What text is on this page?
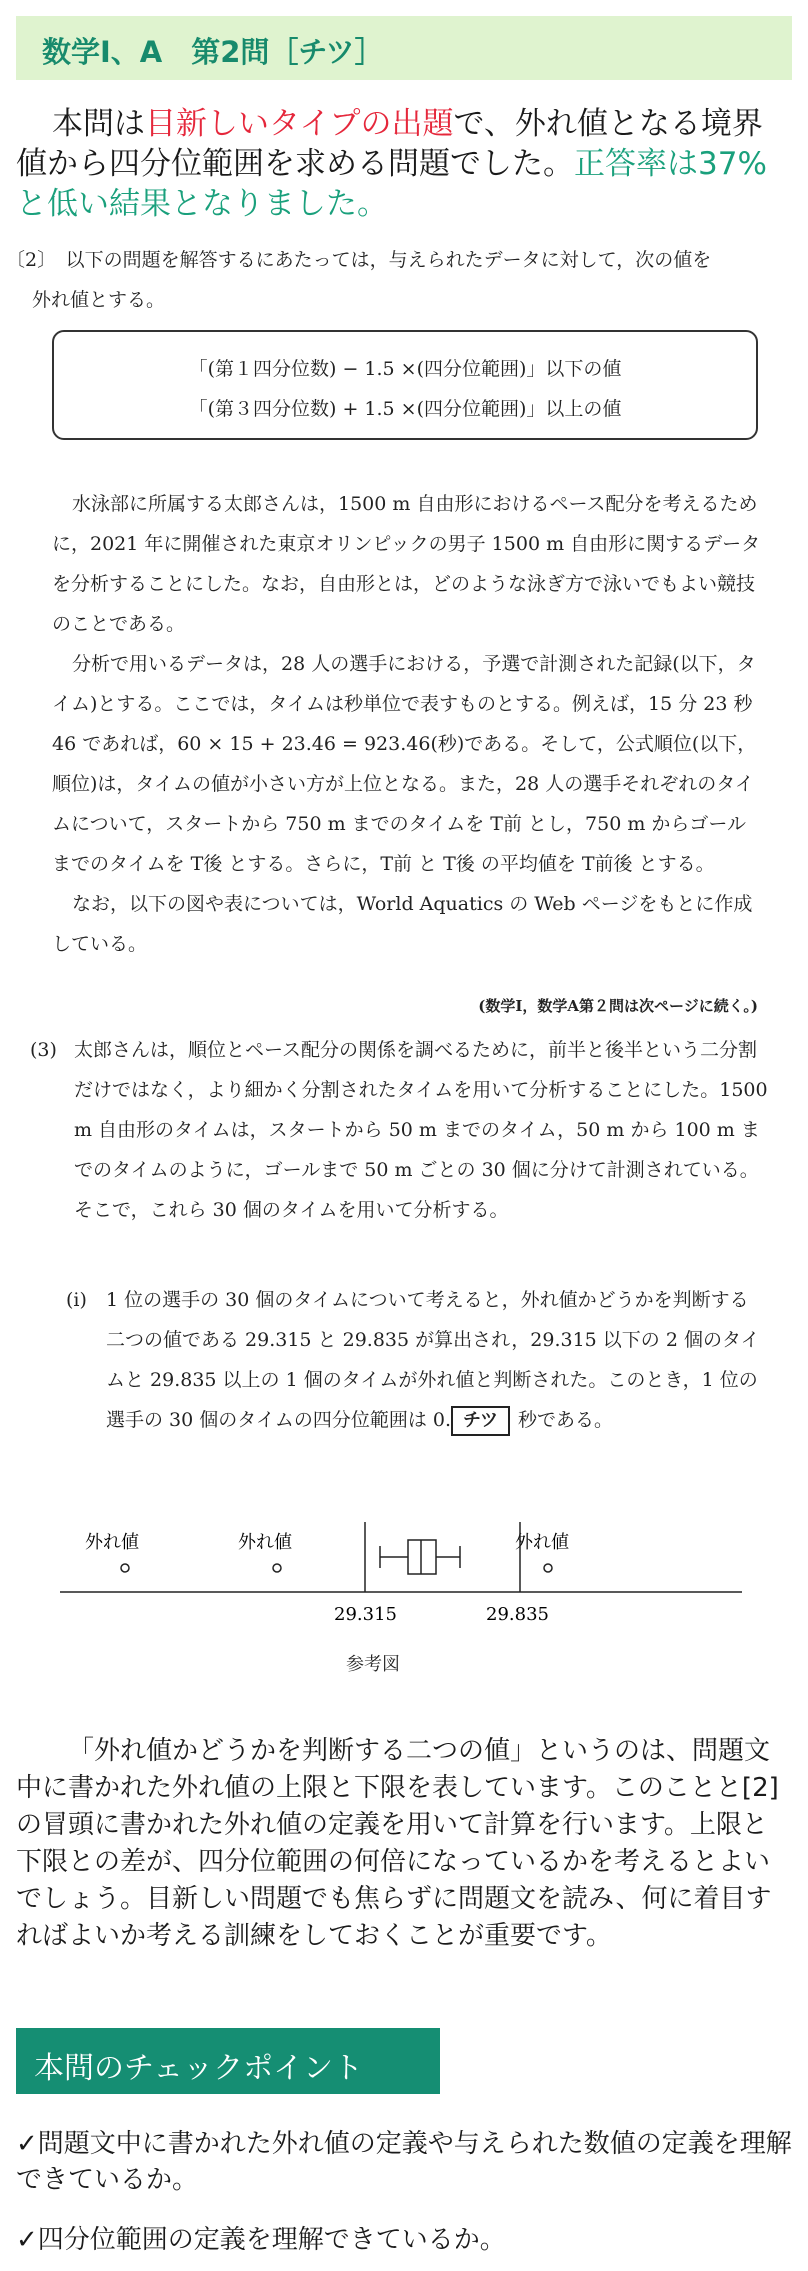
数学Ⅰ、A　第2問［チツ］

本問は目新しいタイプの出題で、外れ値となる境界値から四分位範囲を求める問題でした。正答率は37%と低い結果となりました。

〔2〕　以下の問題を解答するにあたっては，与えられたデータに対して，次の値を
外れ値とする。

「(第１四分位数) − 1.5 ×(四分位範囲)」以下の値
「(第３四分位数) + 1.5 ×(四分位範囲)」以上の値

水泳部に所属する太郎さんは，1500 m 自由形におけるペース配分を考えるために，2021 年に開催された東京オリンピックの男子 1500 m 自由形に関するデータを分析することにした。なお，自由形とは，どのような泳ぎ方で泳いでもよい競技のことである。

分析で用いるデータは，28 人の選手における，予選で計測された記録(以下，タイム)とする。ここでは，タイムは秒単位で表すものとする。例えば，15 分 23 秒 46 であれば，60 × 15 + 23.46 = 923.46(秒)である。そして，公式順位(以下，順位)は，タイムの値が小さい方が上位となる。また，28 人の選手それぞれのタイムについて，スタートから 750 m までのタイムを T前 とし，750 m からゴールまでのタイムを T後 とする。さらに，T前 と T後 の平均値を T前後 とする。

なお，以下の図や表については，World Aquatics の Web ページをもとに作成している。

(数学Ⅰ，数学A第２問は次ページに続く。)

(3) 太郎さんは，順位とペース配分の関係を調べるために，前半と後半という二分割だけではなく，より細かく分割されたタイムを用いて分析することにした。1500 m 自由形のタイムは，スタートから 50 m までのタイム，50 m から 100 m までのタイムのように，ゴールまで 50 m ごとの 30 個に分けて計測されている。そこで，これら 30 個のタイムを用いて分析する。

(i)	1 位の選手の 30 個のタイムについて考えると，外れ値かどうかを判断する二つの値である 29.315 と 29.835 が算出され，29.315 以下の 2 個のタイムと 29.835 以上の 1 個のタイムが外れ値と判断された。このとき，1 位の選手の 30 個のタイムの四分位範囲は 0. チツ 秒である。

外れ値	外れ値	外れ値
29.315	29.835
参考図

「外れ値かどうかを判断する二つの値」というのは、問題文中に書かれた外れ値の上限と下限を表しています。このことと[2]の冒頭に書かれた外れ値の定義を用いて計算を行います。上限と下限との差が、四分位範囲の何倍になっているかを考えるとよいでしょう。目新しい問題でも焦らずに問題文を読み、何に着目すればよいか考える訓練をしておくことが重要です。

本問のチェックポイント

✓問題文中に書かれた外れ値の定義や与えられた数値の定義を理解できているか。

✓四分位範囲の定義を理解できているか。
